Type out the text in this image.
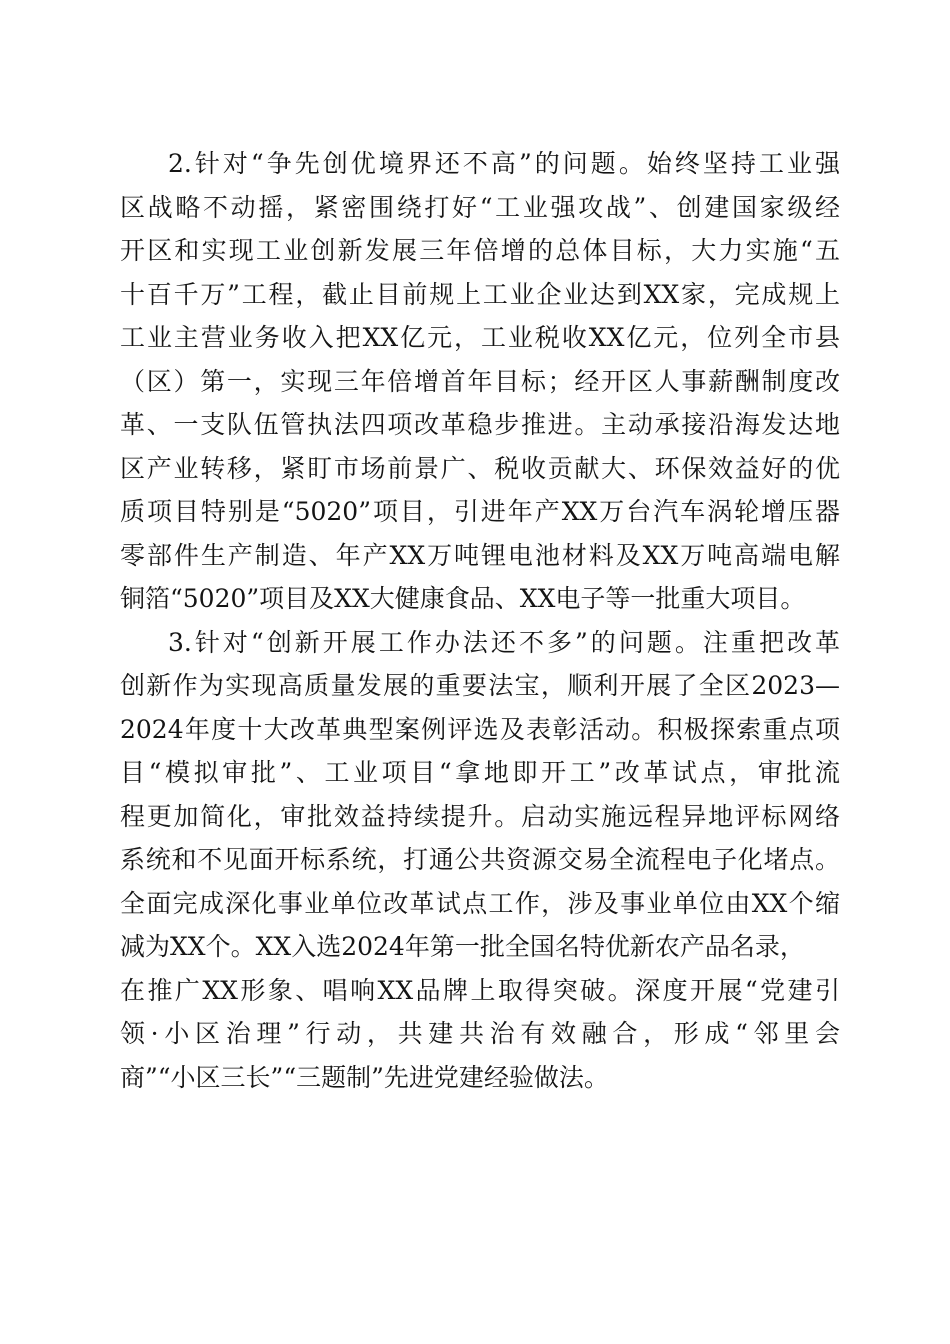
2.针对“争先创优境界还不高”的问题。始终坚持工业强
区战略不动摇，紧密围绕打好“工业强攻战”、创建国家级经
开区和实现工业创新发展三年倍增的总体目标，大力实施“五
十百千万”工程，截止目前规上工业企业达到XX家，完成规上
工业主营业务收入把XX亿元，工业税收XX亿元，位列全市县
（区）第一，实现三年倍增首年目标；经开区人事薪酬制度改
革、一支队伍管执法四项改革稳步推进。主动承接沿海发达地
区产业转移，紧盯市场前景广、税收贡献大、环保效益好的优
质项目特别是“5020”项目，引进年产XX万台汽车涡轮增压器
零部件生产制造、年产XX万吨锂电池材料及XX万吨高端电解
铜箔“5020”项目及XX大健康食品、XX电子等一批重大项目。
3.针对“创新开展工作办法还不多”的问题。注重把改革
创新作为实现高质量发展的重要法宝，顺利开展了全区2023—
2024年度十大改革典型案例评选及表彰活动。积极探索重点项
目“模拟审批”、工业项目“拿地即开工”改革试点，审批流
程更加简化，审批效益持续提升。启动实施远程异地评标网络
系统和不见面开标系统，打通公共资源交易全流程电子化堵点。
全面完成深化事业单位改革试点工作，涉及事业单位由XX个缩
减为XX个。XX入选2024年第一批全国名特优新农产品名录，
在推广XX形象、唱响XX品牌上取得突破。深度开展“党建引
领·小区治理”行动，共建共治有效融合，形成“邻里会
商”“小区三长”“三题制”先进党建经验做法。
